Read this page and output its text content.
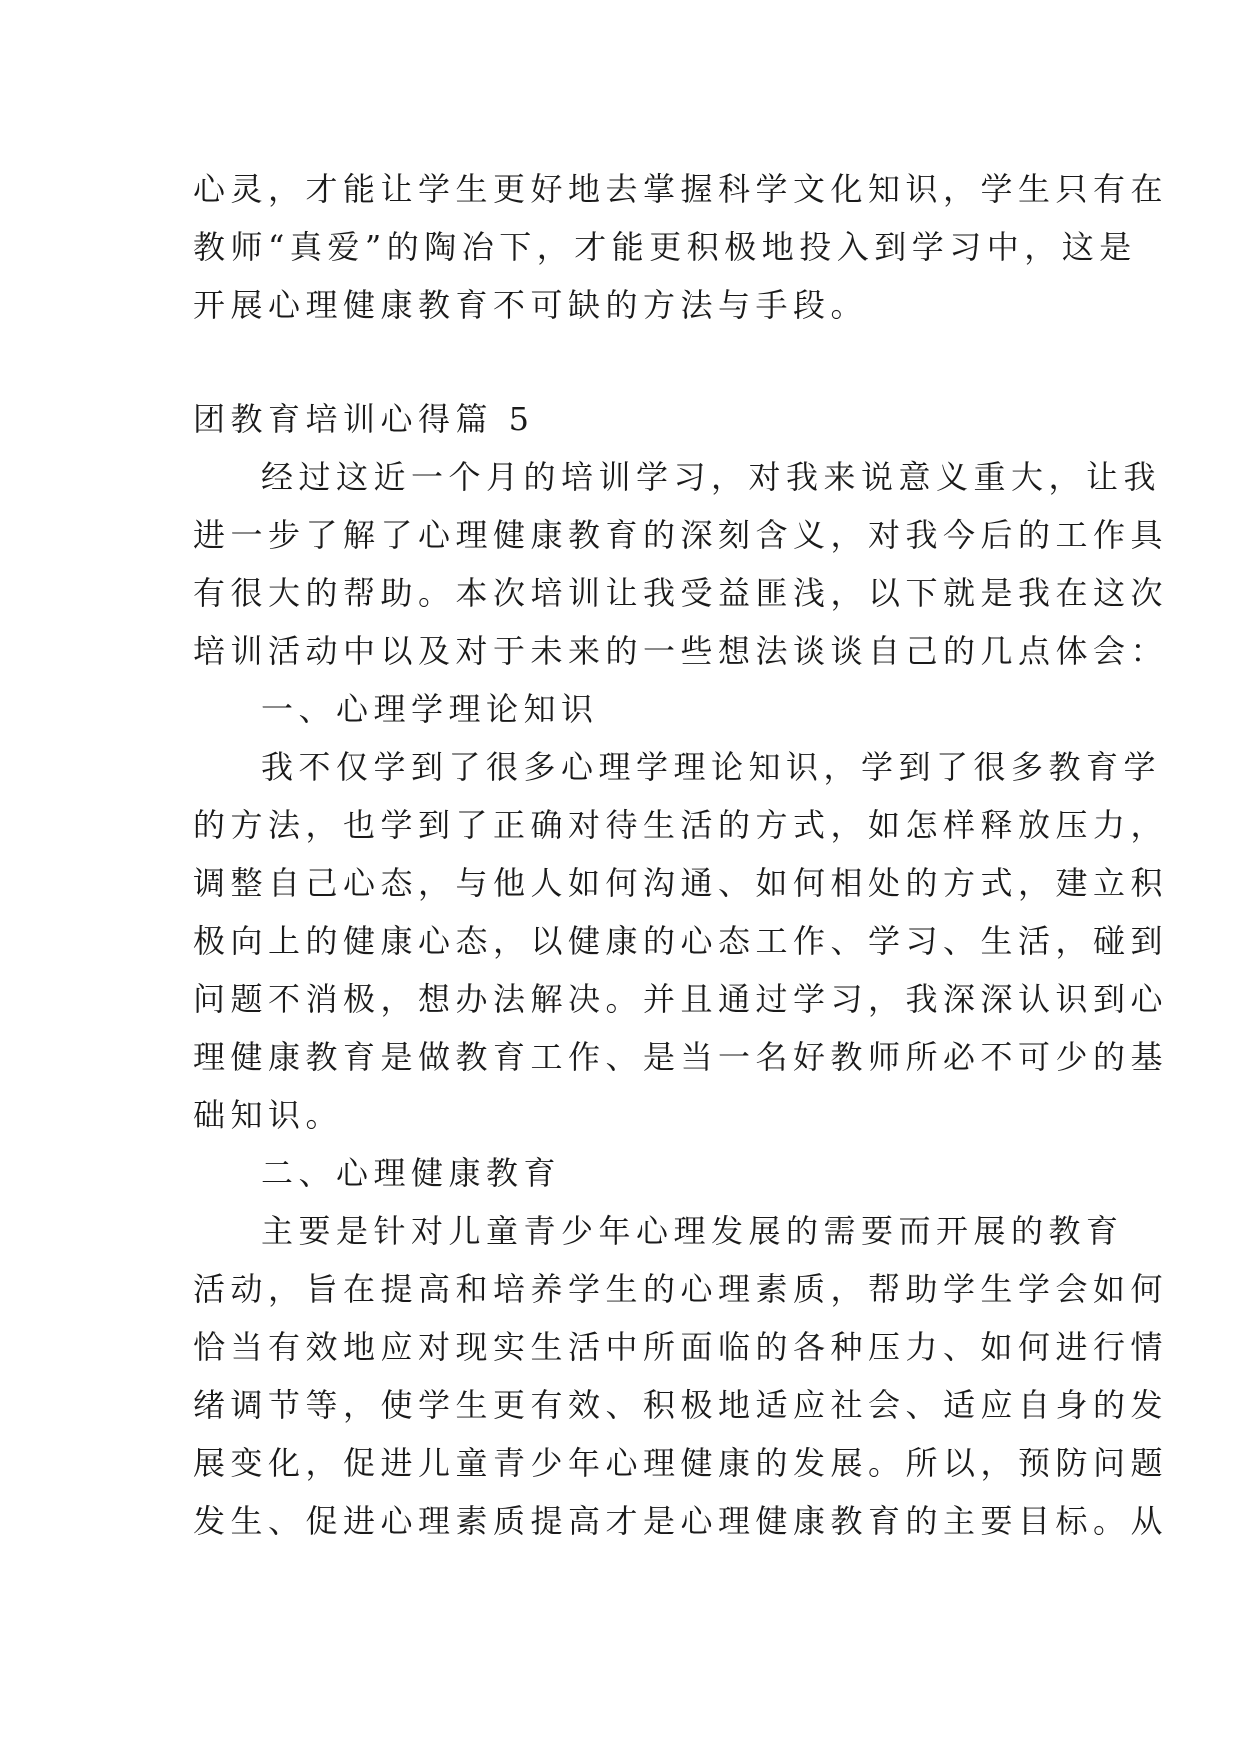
心灵，才能让学生更好地去掌握科学文化知识，学生只有在
教师“真爱”的陶冶下，才能更积极地投入到学习中，这是
开展心理健康教育不可缺的方法与手段。
团教育培训心得篇 5
经过这近一个月的培训学习，对我来说意义重大，让我
进一步了解了心理健康教育的深刻含义，对我今后的工作具
有很大的帮助。本次培训让我受益匪浅，以下就是我在这次
培训活动中以及对于未来的一些想法谈谈自己的几点体会：
一、心理学理论知识
我不仅学到了很多心理学理论知识，学到了很多教育学
的方法，也学到了正确对待生活的方式，如怎样释放压力，
调整自己心态，与他人如何沟通、如何相处的方式，建立积
极向上的健康心态，以健康的心态工作、学习、生活，碰到
问题不消极，想办法解决。并且通过学习，我深深认识到心
理健康教育是做教育工作、是当一名好教师所必不可少的基
础知识。
二、心理健康教育
主要是针对儿童青少年心理发展的需要而开展的教育
活动，旨在提高和培养学生的心理素质，帮助学生学会如何
恰当有效地应对现实生活中所面临的各种压力、如何进行情
绪调节等，使学生更有效、积极地适应社会、适应自身的发
展变化，促进儿童青少年心理健康的发展。所以，预防问题
发生、促进心理素质提高才是心理健康教育的主要目标。从
